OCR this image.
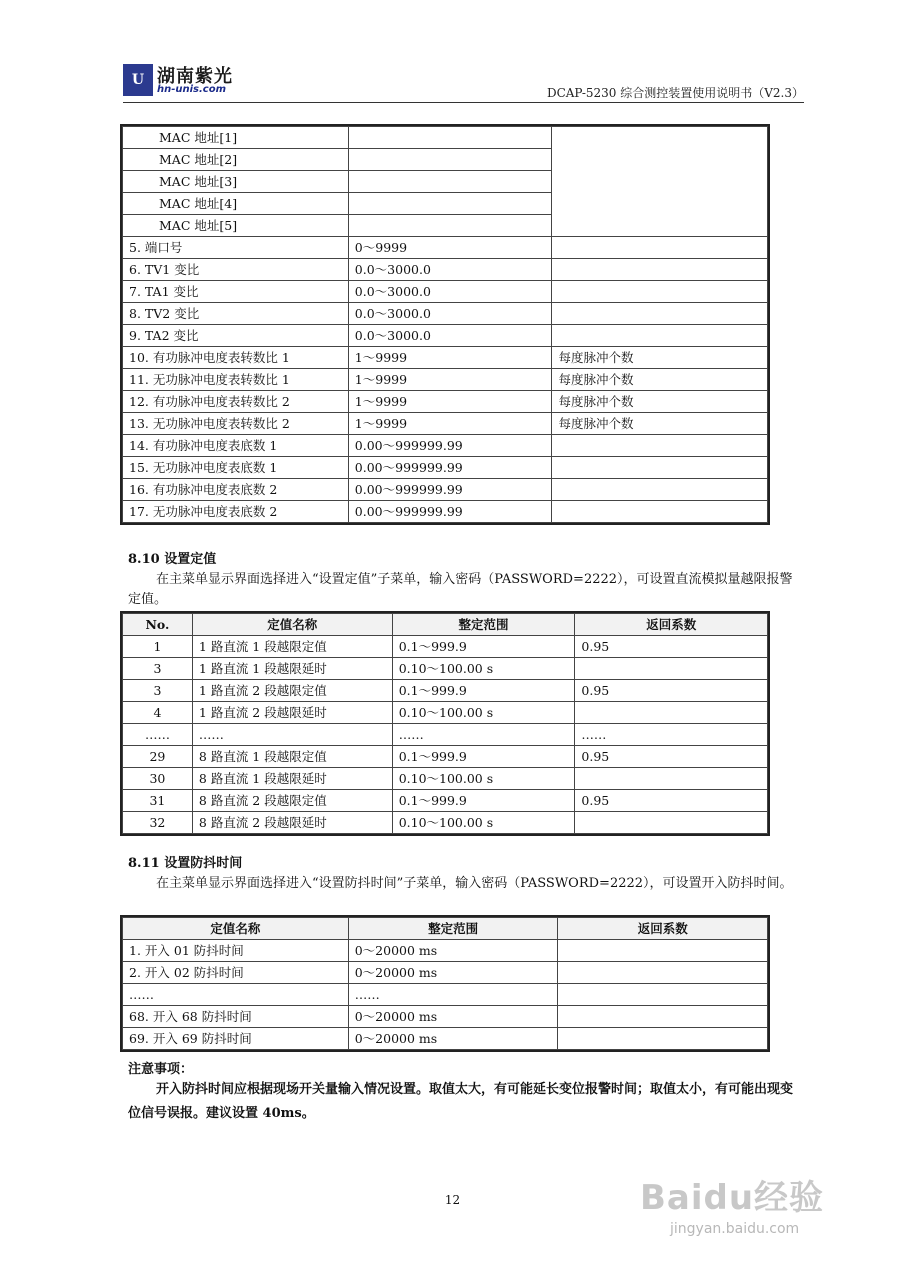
U 湖南紫光
hn-unis.com	DCAP-5230 综合测控装置使用说明书（V2.3）
MAC 地址[1]		
MAC 地址[2]		
MAC 地址[3]		
MAC 地址[4]		
MAC 地址[5]		
5. 端口号	0～9999	
6. TV1 变比	0.0～3000.0	
7. TA1 变比	0.0～3000.0	
8. TV2 变比	0.0～3000.0	
9. TA2 变比	0.0～3000.0	
10. 有功脉冲电度表转数比 1	1～9999	每度脉冲个数
11. 无功脉冲电度表转数比 1	1～9999	每度脉冲个数
12. 有功脉冲电度表转数比 2	1～9999	每度脉冲个数
13. 无功脉冲电度表转数比 2	1～9999	每度脉冲个数
14. 有功脉冲电度表底数 1	0.00～999999.99	
15. 无功脉冲电度表底数 1	0.00～999999.99	
16. 有功脉冲电度表底数 2	0.00～999999.99	
17. 无功脉冲电度表底数 2	0.00～999999.99	
8.10 设置定值
在主菜单显示界面选择进入“设置定值”子菜单，输入密码（PASSWORD=2222），可设置直流模拟量越限报警定值。
No.	定值名称	整定范围	返回系数
1	1 路直流 1 段越限定值	0.1～999.9	0.95
3	1 路直流 1 段越限延时	0.10～100.00 s	
3	1 路直流 2 段越限定值	0.1～999.9	0.95
4	1 路直流 2 段越限延时	0.10～100.00 s	
……	……	……	……
29	8 路直流 1 段越限定值	0.1～999.9	0.95
30	8 路直流 1 段越限延时	0.10～100.00 s	
31	8 路直流 2 段越限定值	0.1～999.9	0.95
32	8 路直流 2 段越限延时	0.10～100.00 s	
8.11 设置防抖时间
在主菜单显示界面选择进入“设置防抖时间”子菜单，输入密码（PASSWORD=2222），可设置开入防抖时间。
定值名称	整定范围	返回系数
1. 开入 01 防抖时间	0～20000 ms	
2. 开入 02 防抖时间	0～20000 ms	
……	……	
68. 开入 68 防抖时间	0～20000 ms	
69. 开入 69 防抖时间	0～20000 ms	
注意事项：
开入防抖时间应根据现场开关量输入情况设置。取值太大，有可能延长变位报警时间；取值太小，有可能出现变位信号误报。建议设置 40ms。
12	Baidu经验
jingyan.baidu.com
